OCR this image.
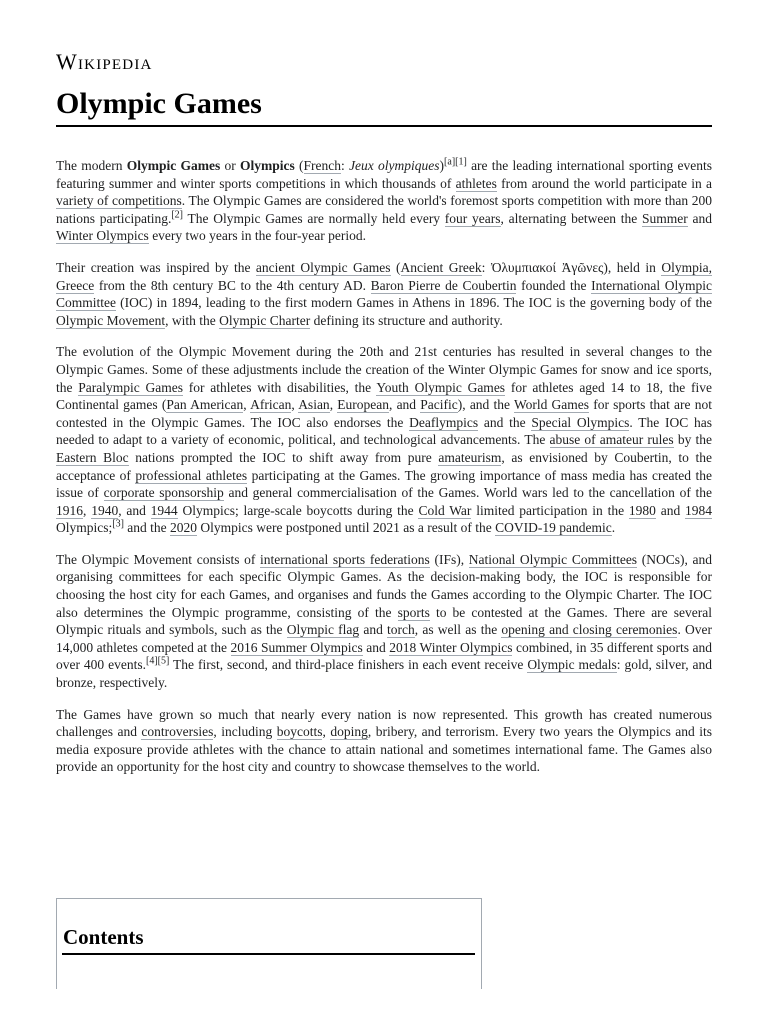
Wikipedia
Olympic Games

The modern Olympic Games or Olympics (French: Jeux olympiques)[a][1] are the leading international sporting events featuring summer and winter sports competitions in which thousands of athletes from around the world participate in a variety of competitions. The Olympic Games are considered the world's foremost sports competition with more than 200 nations participating.[2] The Olympic Games are normally held every four years, alternating between the Summer and Winter Olympics every two years in the four-year period.

Their creation was inspired by the ancient Olympic Games (Ancient Greek: Ὀλυμπιακοί Ἀγῶνες), held in Olympia, Greece from the 8th century BC to the 4th century AD. Baron Pierre de Coubertin founded the International Olympic Committee (IOC) in 1894, leading to the first modern Games in Athens in 1896. The IOC is the governing body of the Olympic Movement, with the Olympic Charter defining its structure and authority.

The evolution of the Olympic Movement during the 20th and 21st centuries has resulted in several changes to the Olympic Games. Some of these adjustments include the creation of the Winter Olympic Games for snow and ice sports, the Paralympic Games for athletes with disabilities, the Youth Olympic Games for athletes aged 14 to 18, the five Continental games (Pan American, African, Asian, European, and Pacific), and the World Games for sports that are not contested in the Olympic Games. The IOC also endorses the Deaflympics and the Special Olympics. The IOC has needed to adapt to a variety of economic, political, and technological advancements. The abuse of amateur rules by the Eastern Bloc nations prompted the IOC to shift away from pure amateurism, as envisioned by Coubertin, to the acceptance of professional athletes participating at the Games. The growing importance of mass media has created the issue of corporate sponsorship and general commercialisation of the Games. World wars led to the cancellation of the 1916, 1940, and 1944 Olympics; large-scale boycotts during the Cold War limited participation in the 1980 and 1984 Olympics;[3] and the 2020 Olympics were postponed until 2021 as a result of the COVID-19 pandemic.

The Olympic Movement consists of international sports federations (IFs), National Olympic Committees (NOCs), and organising committees for each specific Olympic Games. As the decision-making body, the IOC is responsible for choosing the host city for each Games, and organises and funds the Games according to the Olympic Charter. The IOC also determines the Olympic programme, consisting of the sports to be contested at the Games. There are several Olympic rituals and symbols, such as the Olympic flag and torch, as well as the opening and closing ceremonies. Over 14,000 athletes competed at the 2016 Summer Olympics and 2018 Winter Olympics combined, in 35 different sports and over 400 events.[4][5] The first, second, and third-place finishers in each event receive Olympic medals: gold, silver, and bronze, respectively.

The Games have grown so much that nearly every nation is now represented. This growth has created numerous challenges and controversies, including boycotts, doping, bribery, and terrorism. Every two years the Olympics and its media exposure provide athletes with the chance to attain national and sometimes international fame. The Games also provide an opportunity for the host city and country to showcase themselves to the world.

Contents
